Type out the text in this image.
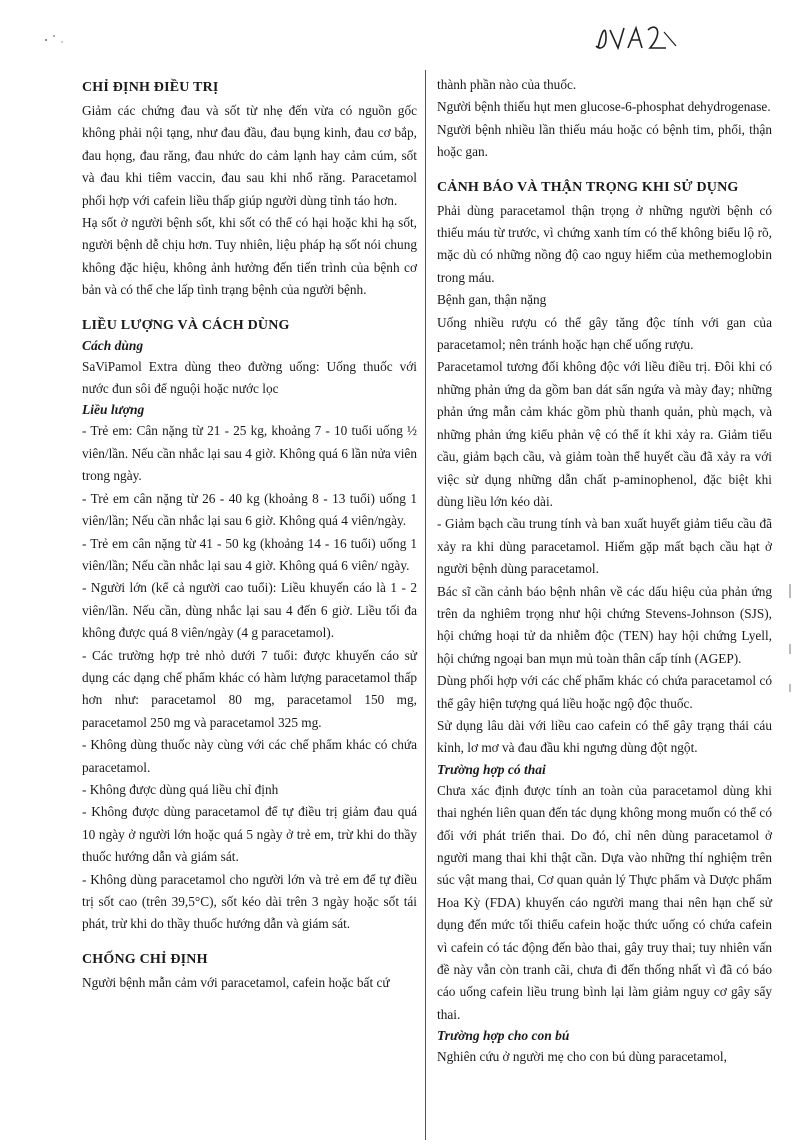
CHỈ ĐỊNH ĐIỀU TRỊ

Giảm các chứng đau và sốt từ nhẹ đến vừa có nguồn gốc không phải nội tạng, như đau đầu, đau bụng kinh, đau cơ bắp, đau họng, đau răng, đau nhức do cảm lạnh hay cảm cúm, sốt và đau khi tiêm vaccin, đau sau khi nhổ răng. Paracetamol phối hợp với cafein liều thấp giúp người dùng tỉnh táo hơn.

Hạ sốt ở người bệnh sốt, khi sốt có thể có hại hoặc khi hạ sốt, người bệnh dễ chịu hơn. Tuy nhiên, liệu pháp hạ sốt nói chung không đặc hiệu, không ảnh hưởng đến tiến trình của bệnh cơ bản và có thể che lấp tình trạng bệnh của người bệnh.

LIỀU LƯỢNG VÀ CÁCH DÙNG
Cách dùng

SaViPamol Extra dùng theo đường uống: Uống thuốc với nước đun sôi để nguội hoặc nước lọc

Liều lượng

- Trẻ em: Cân nặng từ 21 - 25 kg, khoảng 7 - 10 tuổi uống ½ viên/lần. Nếu cần nhắc lại sau 4 giờ. Không quá 6 lần nửa viên trong ngày.

- Trẻ em cân nặng từ 26 - 40 kg (khoảng 8 - 13 tuổi) uống 1 viên/lần; Nếu cần nhắc lại sau 6 giờ. Không quá 4 viên/ngày.

- Trẻ em cân nặng từ 41 - 50 kg (khoảng 14 - 16 tuổi) uống 1 viên/lần; Nếu cần nhắc lại sau 4 giờ. Không quá 6 viên/ ngày.

- Người lớn (kể cả người cao tuổi): Liều khuyến cáo là 1 - 2 viên/lần. Nếu cần, dùng nhắc lại sau 4 đến 6 giờ. Liều tối đa không được quá 8 viên/ngày (4 g paracetamol).

- Các trường hợp trẻ nhỏ dưới 7 tuổi: được khuyến cáo sử dụng các dạng chế phẩm khác có hàm lượng paracetamol thấp hơn như: paracetamol 80 mg, paracetamol 150 mg, paracetamol 250 mg và paracetamol 325 mg.

- Không dùng thuốc này cùng với các chế phẩm khác có chứa paracetamol.

- Không được dùng quá liều chỉ định

- Không được dùng paracetamol để tự điều trị giảm đau quá 10 ngày ở người lớn hoặc quá 5 ngày ở trẻ em, trừ khi do thầy thuốc hướng dẫn và giám sát.

- Không dùng paracetamol cho người lớn và trẻ em để tự điều trị sốt cao (trên 39,5°C), sốt kéo dài trên 3 ngày hoặc sốt tái phát, trừ khi do thầy thuốc hướng dẫn và giám sát.

CHỐNG CHỈ ĐỊNH

Người bệnh mẫn cảm với paracetamol, cafein hoặc bất cứ

thành phần nào của thuốc.

Người bệnh thiếu hụt men glucose-6-phosphat dehydrogenase.

Người bệnh nhiều lần thiếu máu hoặc có bệnh tim, phổi, thận hoặc gan.

CẢNH BÁO VÀ THẬN TRỌNG KHI SỬ DỤNG

Phải dùng paracetamol thận trọng ở những người bệnh có thiếu máu từ trước, vì chứng xanh tím có thể không biểu lộ rõ, mặc dù có những nồng độ cao nguy hiểm của methemoglobin trong máu.

Bệnh gan, thận nặng

Uống nhiều rượu có thể gây tăng độc tính với gan của paracetamol; nên tránh hoặc hạn chế uống rượu.

Paracetamol tương đối không độc với liều điều trị. Đôi khi có những phản ứng da gồm ban dát sẩn ngứa và mày đay; những phản ứng mẫn cảm khác gồm phù thanh quản, phù mạch, và những phản ứng kiểu phản vệ có thể ít khi xảy ra. Giảm tiểu cầu, giảm bạch cầu, và giảm toàn thể huyết cầu đã xảy ra với việc sử dụng những dẫn chất p-aminophenol, đặc biệt khi dùng liều lớn kéo dài.

- Giảm bạch cầu trung tính và ban xuất huyết giảm tiểu cầu đã xảy ra khi dùng paracetamol. Hiếm gặp mất bạch cầu hạt ở người bệnh dùng paracetamol.

Bác sĩ cần cảnh báo bệnh nhân về các dấu hiệu của phản ứng trên da nghiêm trọng như hội chứng Stevens-Johnson (SJS), hội chứng hoại tử da nhiễm độc (TEN) hay hội chứng Lyell, hội chứng ngoại ban mụn mủ toàn thân cấp tính (AGEP).

Dùng phối hợp với các chế phẩm khác có chứa paracetamol có thể gây hiện tượng quá liều hoặc ngộ độc thuốc.

Sử dụng lâu dài với liều cao cafein có thể gây trạng thái cáu kỉnh, lơ mơ và đau đầu khi ngưng dùng đột ngột.

Trường hợp có thai

Chưa xác định được tính an toàn của paracetamol dùng khi thai nghén liên quan đến tác dụng không mong muốn có thể có đối với phát triển thai. Do đó, chỉ nên dùng paracetamol ở người mang thai khi thật cần. Dựa vào những thí nghiệm trên súc vật mang thai, Cơ quan quản lý Thực phẩm và Dược phẩm Hoa Kỳ (FDA) khuyến cáo người mang thai nên hạn chế sử dụng đến mức tối thiểu cafein hoặc thức uống có chứa cafein vì cafein có tác động đến bào thai, gây truy thai; tuy nhiên vấn đề này vẫn còn tranh cãi, chưa đi đến thống nhất vì đã có báo cáo uống cafein liều trung bình lại làm giảm nguy cơ gây sẩy thai.

Trường hợp cho con bú

Nghiên cứu ở người mẹ cho con bú dùng paracetamol,
